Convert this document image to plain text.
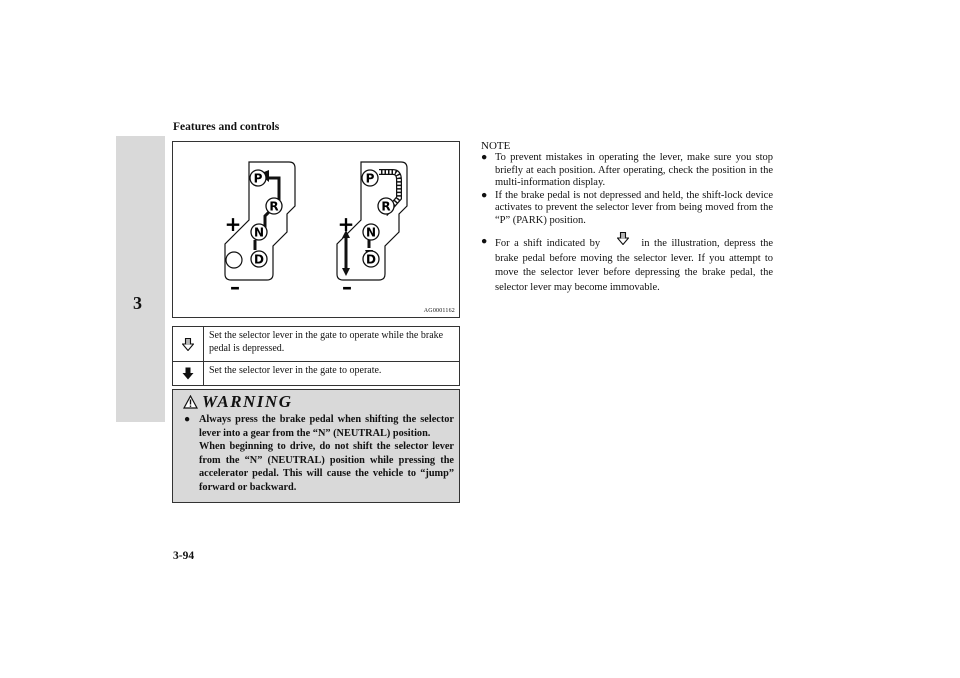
Features and controls
3
P
R
N
D
+
–
P
R
N
D
+
–
AG0001162
Set the selector lever in the gate to operate while the brake pedal is depressed.
Set the selector lever in the gate to operate.
WARNING
● Always press the brake pedal when shifting the selector lever into a gear from the “N” (NEUTRAL) position.

When beginning to drive, do not shift the selector lever from the “N” (NEUTRAL) position while pressing the accelerator pedal. This will cause the vehicle to “jump” forward or backward.

NOTE

● To prevent mistakes in operating the lever, make sure you stop briefly at each position. After operating, check the position in the multi-information display.

● If the brake pedal is not depressed and held, the shift-lock device activates to prevent the selector lever from being moved from the “P” (PARK) position.

● For a shift indicated by	in the illustration, depress the brake pedal before moving the selector lever. If you attempt to move the selector lever before depressing the brake pedal, the selector lever may become immovable.

3-94
